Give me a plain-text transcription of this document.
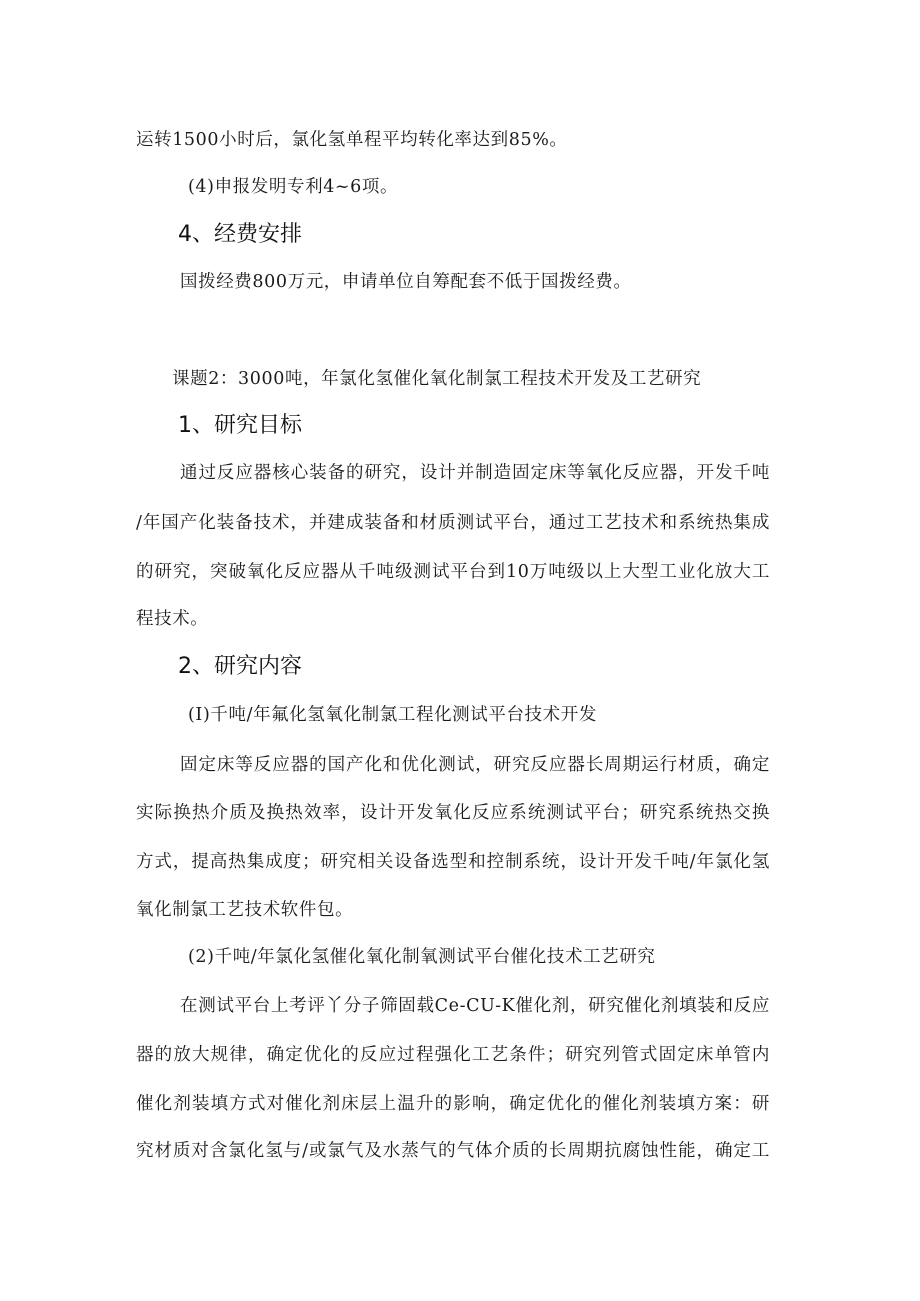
运转1500小时后，氯化氢单程平均转化率达到85%。
(4)申报发明专利4~6项。
4、经费安排
国拨经费800万元，申请单位自筹配套不低于国拨经费。
课题2：3000吨，年氯化氢催化氧化制氯工程技术开发及工艺研究
1、研究目标
通过反应器核心装备的研究，设计并制造固定床等氧化反应器，开发千吨
/年国产化装备技术，并建成装备和材质测试平台，通过工艺技术和系统热集成
的研究，突破氧化反应器从千吨级测试平台到10万吨级以上大型工业化放大工
程技术。
2、研究内容
(I)千吨/年氟化氢氧化制氯工程化测试平台技术开发
固定床等反应器的国产化和优化测试，研究反应器长周期运行材质，确定
实际换热介质及换热效率，设计开发氧化反应系统测试平台；研究系统热交换
方式，提高热集成度；研究相关设备选型和控制系统，设计开发千吨/年氯化氢
氧化制氯工艺技术软件包。
(2)千吨/年氯化氢催化氧化制氧测试平台催化技术工艺研究
在测试平台上考评丫分子筛固载Ce-CU-K催化剂，研究催化剂填装和反应
器的放大规律，确定优化的反应过程强化工艺条件；研究列管式固定床单管内
催化剂装填方式对催化剂床层上温升的影响，确定优化的催化剂装填方案：研
究材质对含氯化氢与/或氯气及水蒸气的气体介质的长周期抗腐蚀性能，确定工
